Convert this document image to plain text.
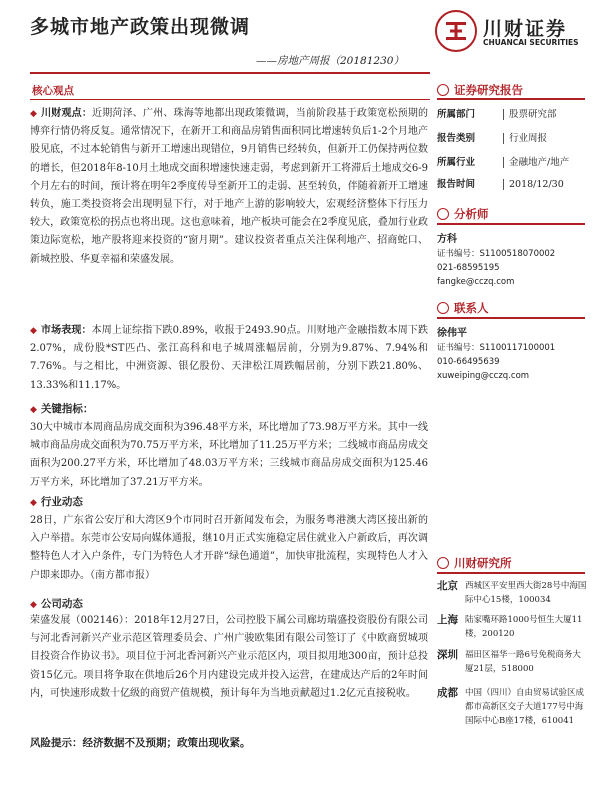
多城市地产政策出现微调
——房地产周报（20181230）
川财证券
CHUANCAI SECURITIES
核心观点
◆ 川财观点：近期菏泽、广州、珠海等地都出现政策微调，当前阶段基于政策宽松预期的博弈行情仍将反复。通常情况下，在新开工和商品房销售面积同比增速转负后1-2个月地产股见底，不过本轮销售与新开工增速出现错位，9月销售已经转负，但新开工仍保持两位数的增长，但2018年8-10月土地成交面积增速快速走弱，考虑到新开工将滞后土地成交6-9个月左右的时间，预计将在明年2季度传导至新开工的走弱、甚至转负，伴随着新开工增速转负，施工类投资将会出现明显下行，对于地产上游的影响较大，宏观经济整体下行压力较大，政策宽松的拐点也将出现。这也意味着，地产板块可能会在2季度见底，叠加行业政策边际宽松，地产股将迎来投资的“窗月期”。建议投资者重点关注保利地产、招商蛇口、新城控股、华夏幸福和荣盛发展。
◆ 市场表现：本周上证综指下跌0.89%，收报于2493.90点。川财地产金融指数本周下跌2.07%，成份股*ST匹凸、张江高科和电子城周涨幅居前，分别为9.87%、7.94%和7.76%。与之相比，中洲资源、银亿股份、天津松江周跌幅居前，分别下跌21.80%、13.33%和11.17%。
◆ 关键指标：
30大中城市本周商品房成交面积为396.48平方米，环比增加了73.98万平方米。其中一线城市商品房成交面积为70.75万平方米，环比增加了11.25万平方米；二线城市商品房成交面积为200.27平方米，环比增加了48.03万平方米；三线城市商品房成交面积为125.46万平方米，环比增加了37.21万平方米。
◆ 行业动态
28日，广东省公安厅和大湾区9个市同时召开新闻发布会，为服务粤港澳大湾区接出新的入户举措。东莞市公安局向媒体通报，继10月正式实施稳定居住就业入户新政后，再次调整特色人才入户条件，专门为特色人才开辟“绿色通道”，加快审批流程，实现特色人才入户即来即办。（南方都市报）
◆ 公司动态
荣盛发展（002146）：2018年12月27日，公司控股下属公司廊坊瑞盛投资股份有限公司与河北香河新兴产业示范区管理委员会、广州广骏欧集团有限公司签订了《中欧商贸城项目投资合作协议书》。项目位于河北香河新兴产业示范区内，项目拟用地300亩，预计总投资15亿元。项目将争取在供地后26个月内建设完成并投入运营，在建成达产后的2年时间内，可快速形成数十亿级的商贸产值规模，预计每年为当地贡献超过1.2亿元直接税收。
风险提示：经济数据不及预期；政策出现收紧。
证券研究报告
所属部门	股票研究部
报告类别	行业周报
所属行业	金融地产/地产
报告时间	2018/12/30
分析师
方科
证书编号：S1100518070002
021-68595195
fangke@cczq.com
联系人
徐伟平
证书编号：S1100117100001
010-66495639
xuweiping@cczq.com
川财研究所
北京 西城区平安里西大街28号中海国际中心15楼，100034
上海 陆家嘴环路1000号恒生大厦11楼，200120
深圳 福田区福华一路6号免税商务大厦21层，518000
成都 中国（四川）自由贸易试验区成都市高新区交子大道177号中海国际中心B座17楼，610041
